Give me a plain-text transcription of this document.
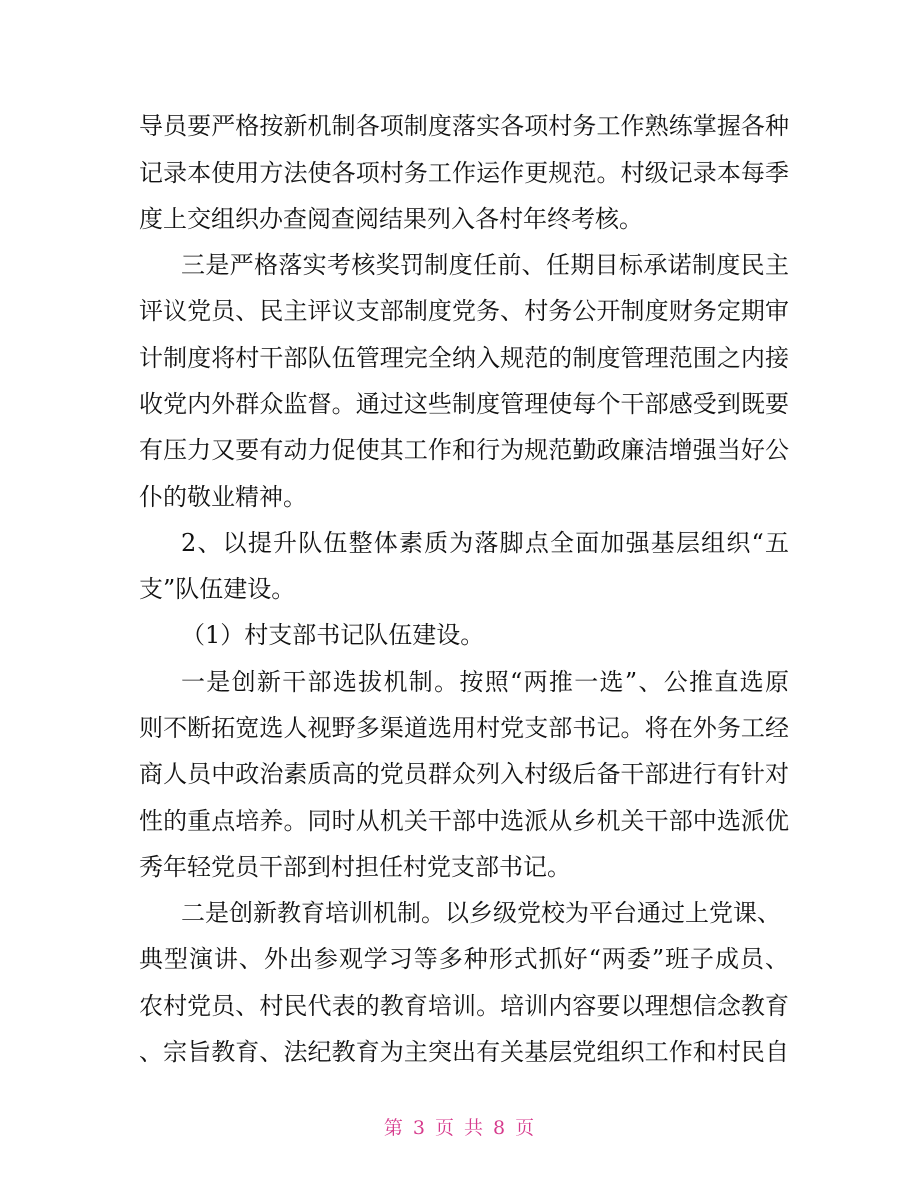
导员要严格按新机制各项制度落实各项村务工作熟练掌握各种
记录本使用方法使各项村务工作运作更规范。村级记录本每季
度上交组织办查阅查阅结果列入各村年终考核。
三是严格落实考核奖罚制度任前、任期目标承诺制度民主
评议党员、民主评议支部制度党务、村务公开制度财务定期审
计制度将村干部队伍管理完全纳入规范的制度管理范围之内接
收党内外群众监督。通过这些制度管理使每个干部感受到既要
有压力又要有动力促使其工作和行为规范勤政廉洁增强当好公
仆的敬业精神。
2、以提升队伍整体素质为落脚点全面加强基层组织“五
支”队伍建设。
（1）村支部书记队伍建设。
一是创新干部选拔机制。按照“两推一选”、公推直选原
则不断拓宽选人视野多渠道选用村党支部书记。将在外务工经
商人员中政治素质高的党员群众列入村级后备干部进行有针对
性的重点培养。同时从机关干部中选派从乡机关干部中选派优
秀年轻党员干部到村担任村党支部书记。
二是创新教育培训机制。以乡级党校为平台通过上党课、
典型演讲、外出参观学习等多种形式抓好“两委”班子成员、
农村党员、村民代表的教育培训。培训内容要以理想信念教育
、宗旨教育、法纪教育为主突出有关基层党组织工作和村民自
第 3 页 共 8 页
